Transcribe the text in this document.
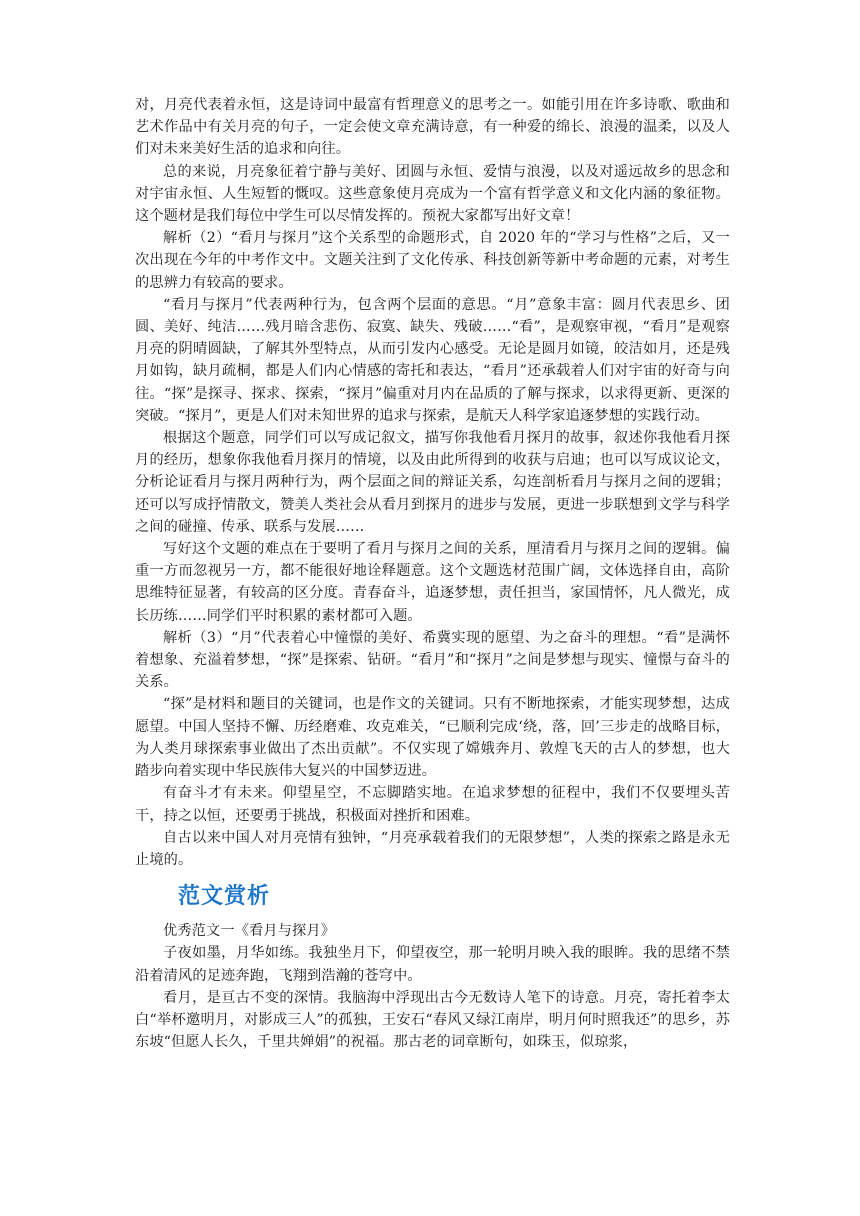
对，月亮代表着永恒，这是诗词中最富有哲理意义的思考之一。如能引用在许多诗歌、歌曲和艺术作品中有关月亮的句子，一定会使文章充满诗意，有一种爱的绵长、浪漫的温柔，以及人们对未来美好生活的追求和向往。

总的来说，月亮象征着宁静与美好、团圆与永恒、爱情与浪漫，以及对遥远故乡的思念和对宇宙永恒、人生短暂的慨叹。这些意象使月亮成为一个富有哲学意义和文化内涵的象征物。这个题材是我们每位中学生可以尽情发挥的。预祝大家都写出好文章！

解析（2）“看月与探月”这个关系型的命题形式，自 2020 年的“学习与性格”之后，又一次出现在今年的中考作文中。文题关注到了文化传承、科技创新等新中考命题的元素，对考生的思辨力有较高的要求。

“看月与探月”代表两种行为，包含两个层面的意思。“月”意象丰富：圆月代表思乡、团圆、美好、纯洁……残月暗含悲伤、寂寞、缺失、残破……“看”，是观察审视，“看月”是观察月亮的阴晴圆缺，了解其外型特点，从而引发内心感受。无论是圆月如镜，皎洁如月，还是残月如钩，缺月疏桐，都是人们内心情感的寄托和表达，“看月”还承载着人们对宇宙的好奇与向往。“探”是探寻、探求、探索，“探月”偏重对月内在品质的了解与探求，以求得更新、更深的突破。“探月”，更是人们对未知世界的追求与探索，是航天人科学家追逐梦想的实践行动。

根据这个题意，同学们可以写成记叙文，描写你我他看月探月的故事，叙述你我他看月探月的经历，想象你我他看月探月的情境，以及由此所得到的收获与启迪；也可以写成议论文，分析论证看月与探月两种行为，两个层面之间的辩证关系，勾连剖析看月与探月之间的逻辑；还可以写成抒情散文，赞美人类社会从看月到探月的进步与发展，更进一步联想到文学与科学之间的碰撞、传承、联系与发展……

写好这个文题的难点在于要明了看月与探月之间的关系，厘清看月与探月之间的逻辑。偏重一方而忽视另一方，都不能很好地诠释题意。这个文题选材范围广阔，文体选择自由，高阶思维特征显著，有较高的区分度。青春奋斗，追逐梦想，责任担当，家国情怀，凡人微光，成长历练……同学们平时积累的素材都可入题。

解析（3）“月”代表着心中憧憬的美好、希冀实现的愿望、为之奋斗的理想。“看”是满怀着想象、充溢着梦想，“探”是探索、钻研。“看月”和“探月”之间是梦想与现实、憧憬与奋斗的关系。

“探”是材料和题目的关键词，也是作文的关键词。只有不断地探索，才能实现梦想，达成愿望。中国人坚持不懈、历经磨难、攻克难关，“已顺利完成‘绕，落，回’三步走的战略目标，为人类月球探索事业做出了杰出贡献”。不仅实现了嫦娥奔月、敦煌飞天的古人的梦想，也大踏步向着实现中华民族伟大复兴的中国梦迈进。

有奋斗才有未来。仰望星空，不忘脚踏实地。在追求梦想的征程中，我们不仅要埋头苦干，持之以恒，还要勇于挑战，积极面对挫折和困难。

自古以来中国人对月亮情有独钟，“月亮承载着我们的无限梦想”，人类的探索之路是永无止境的。

范文赏析

优秀范文一《看月与探月》

子夜如墨，月华如练。我独坐月下，仰望夜空，那一轮明月映入我的眼眸。我的思绪不禁沿着清风的足迹奔跑，飞翔到浩瀚的苍穹中。

看月，是亘古不变的深情。我脑海中浮现出古今无数诗人笔下的诗意。月亮，寄托着李太白“举杯邀明月，对影成三人”的孤独，王安石“春风又绿江南岸，明月何时照我还”的思乡，苏东坡“但愿人长久，千里共婵娟”的祝福。那古老的词章断句，如珠玉，似琼浆，
